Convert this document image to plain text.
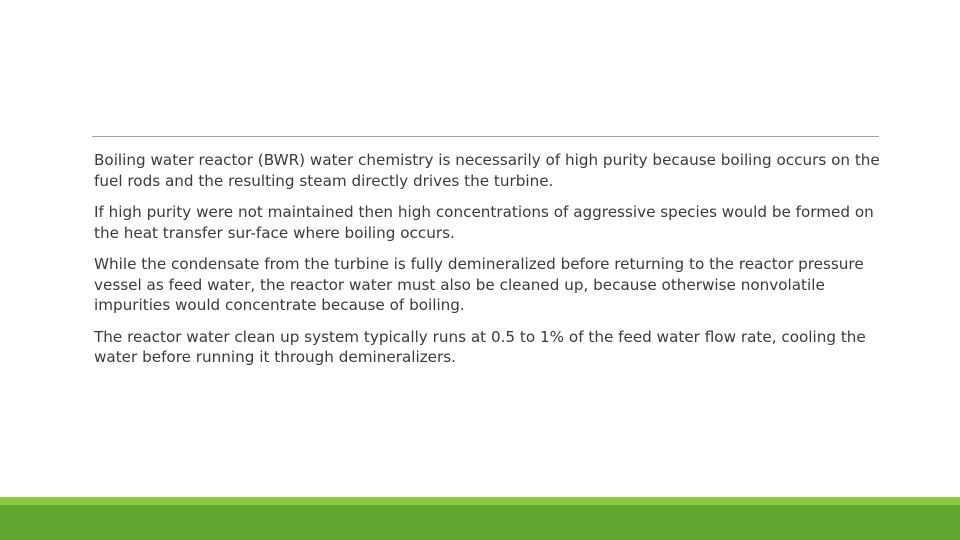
Boiling water reactor (BWR) water chemistry is necessarily of high purity because boiling occurs on the fuel rods and the resulting steam directly drives the turbine.
If high purity were not maintained then high concentrations of aggressive species would be formed on the heat transfer sur-face where boiling occurs.
While the condensate from the turbine is fully demineralized before returning to the reactor pressure vessel as feed water, the reactor water must also be cleaned up, because otherwise nonvolatile impurities would concentrate because of boiling.
The reactor water clean up system typically runs at 0.5 to 1% of the feed water flow rate, cooling the water before running it through demineralizers.
